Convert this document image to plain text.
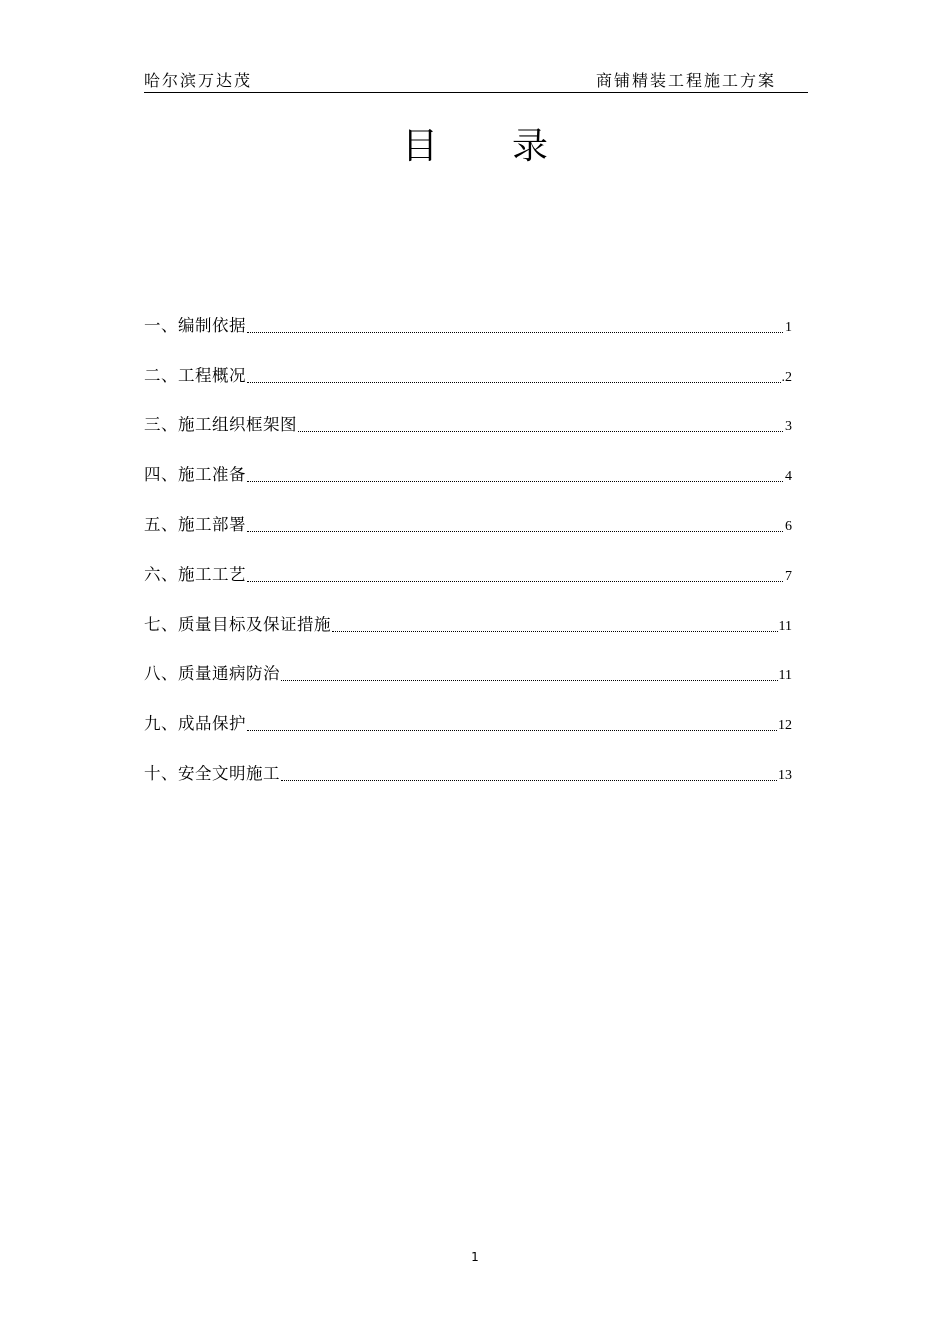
哈尔滨万达茂	商铺精装工程施工方案
目录
一、编制依据	1
二、工程概况	.2
三、施工组织框架图	3
四、施工准备	4
五、施工部署	6
六、施工工艺	7
七、质量目标及保证措施	11
八、质量通病防治	11
九、成品保护	12
十、安全文明施工	13
1
